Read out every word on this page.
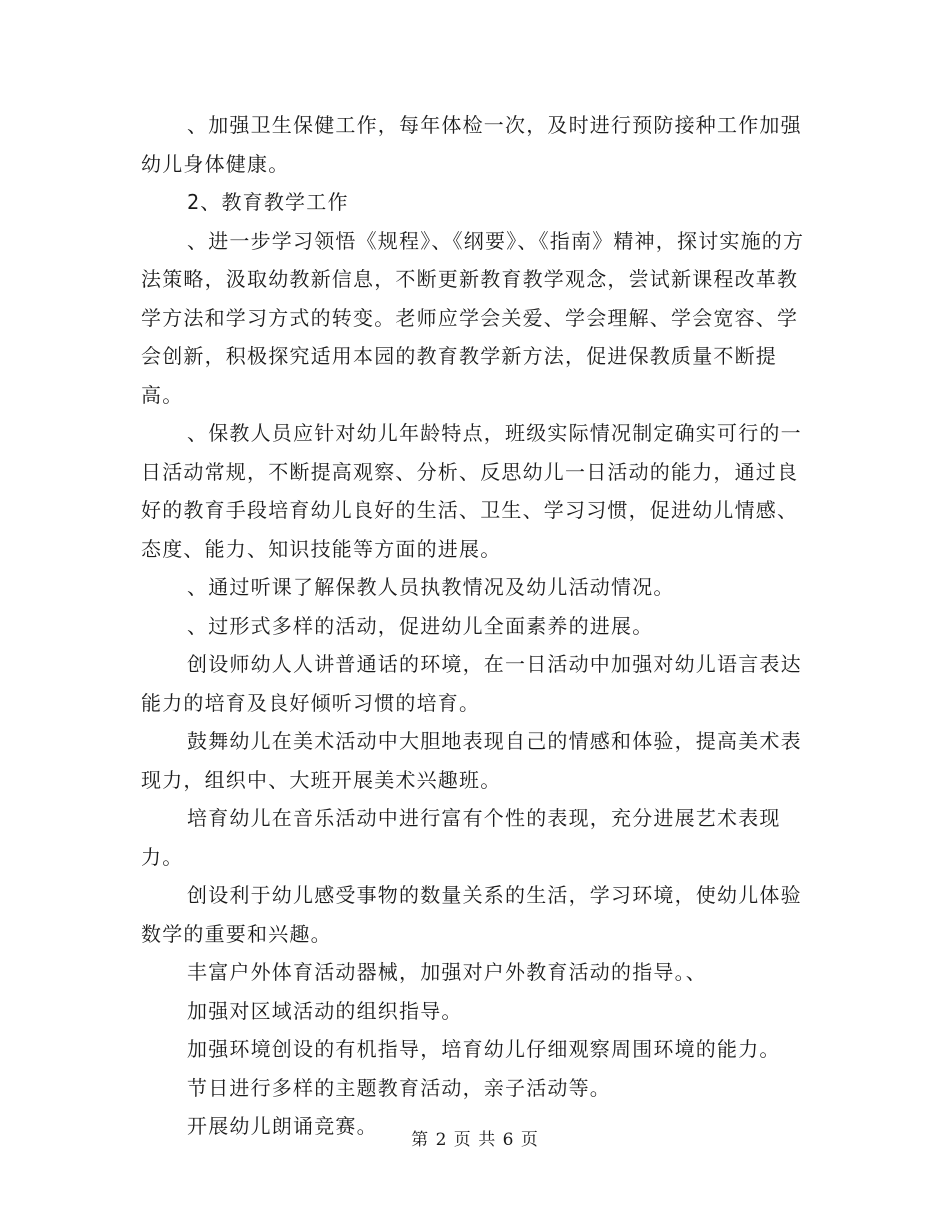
、加强卫生保健工作，每年体检一次，及时进行预防接种工作加强幼儿身体健康。

2、教育教学工作

、进一步学习领悟《规程》、《纲要》、《指南》精神，探讨实施的方法策略，汲取幼教新信息，不断更新教育教学观念，尝试新课程改革教学方法和学习方式的转变。老师应学会关爱、学会理解、学会宽容、学会创新，积极探究适用本园的教育教学新方法，促进保教质量不断提高。

、保教人员应针对幼儿年龄特点，班级实际情况制定确实可行的一日活动常规，不断提高观察、分析、反思幼儿一日活动的能力，通过良好的教育手段培育幼儿良好的生活、卫生、学习习惯，促进幼儿情感、态度、能力、知识技能等方面的进展。

、通过听课了解保教人员执教情况及幼儿活动情况。

、过形式多样的活动，促进幼儿全面素养的进展。

创设师幼人人讲普通话的环境，在一日活动中加强对幼儿语言表达能力的培育及良好倾听习惯的培育。

鼓舞幼儿在美术活动中大胆地表现自己的情感和体验，提高美术表现力，组织中、大班开展美术兴趣班。

培育幼儿在音乐活动中进行富有个性的表现，充分进展艺术表现力。

创设利于幼儿感受事物的数量关系的生活，学习环境，使幼儿体验数学的重要和兴趣。

丰富户外体育活动器械，加强对户外教育活动的指导。、

加强对区域活动的组织指导。

加强环境创设的有机指导，培育幼儿仔细观察周围环境的能力。

节日进行多样的主题教育活动，亲子活动等。

开展幼儿朗诵竞赛。

第 2 页 共 6 页
